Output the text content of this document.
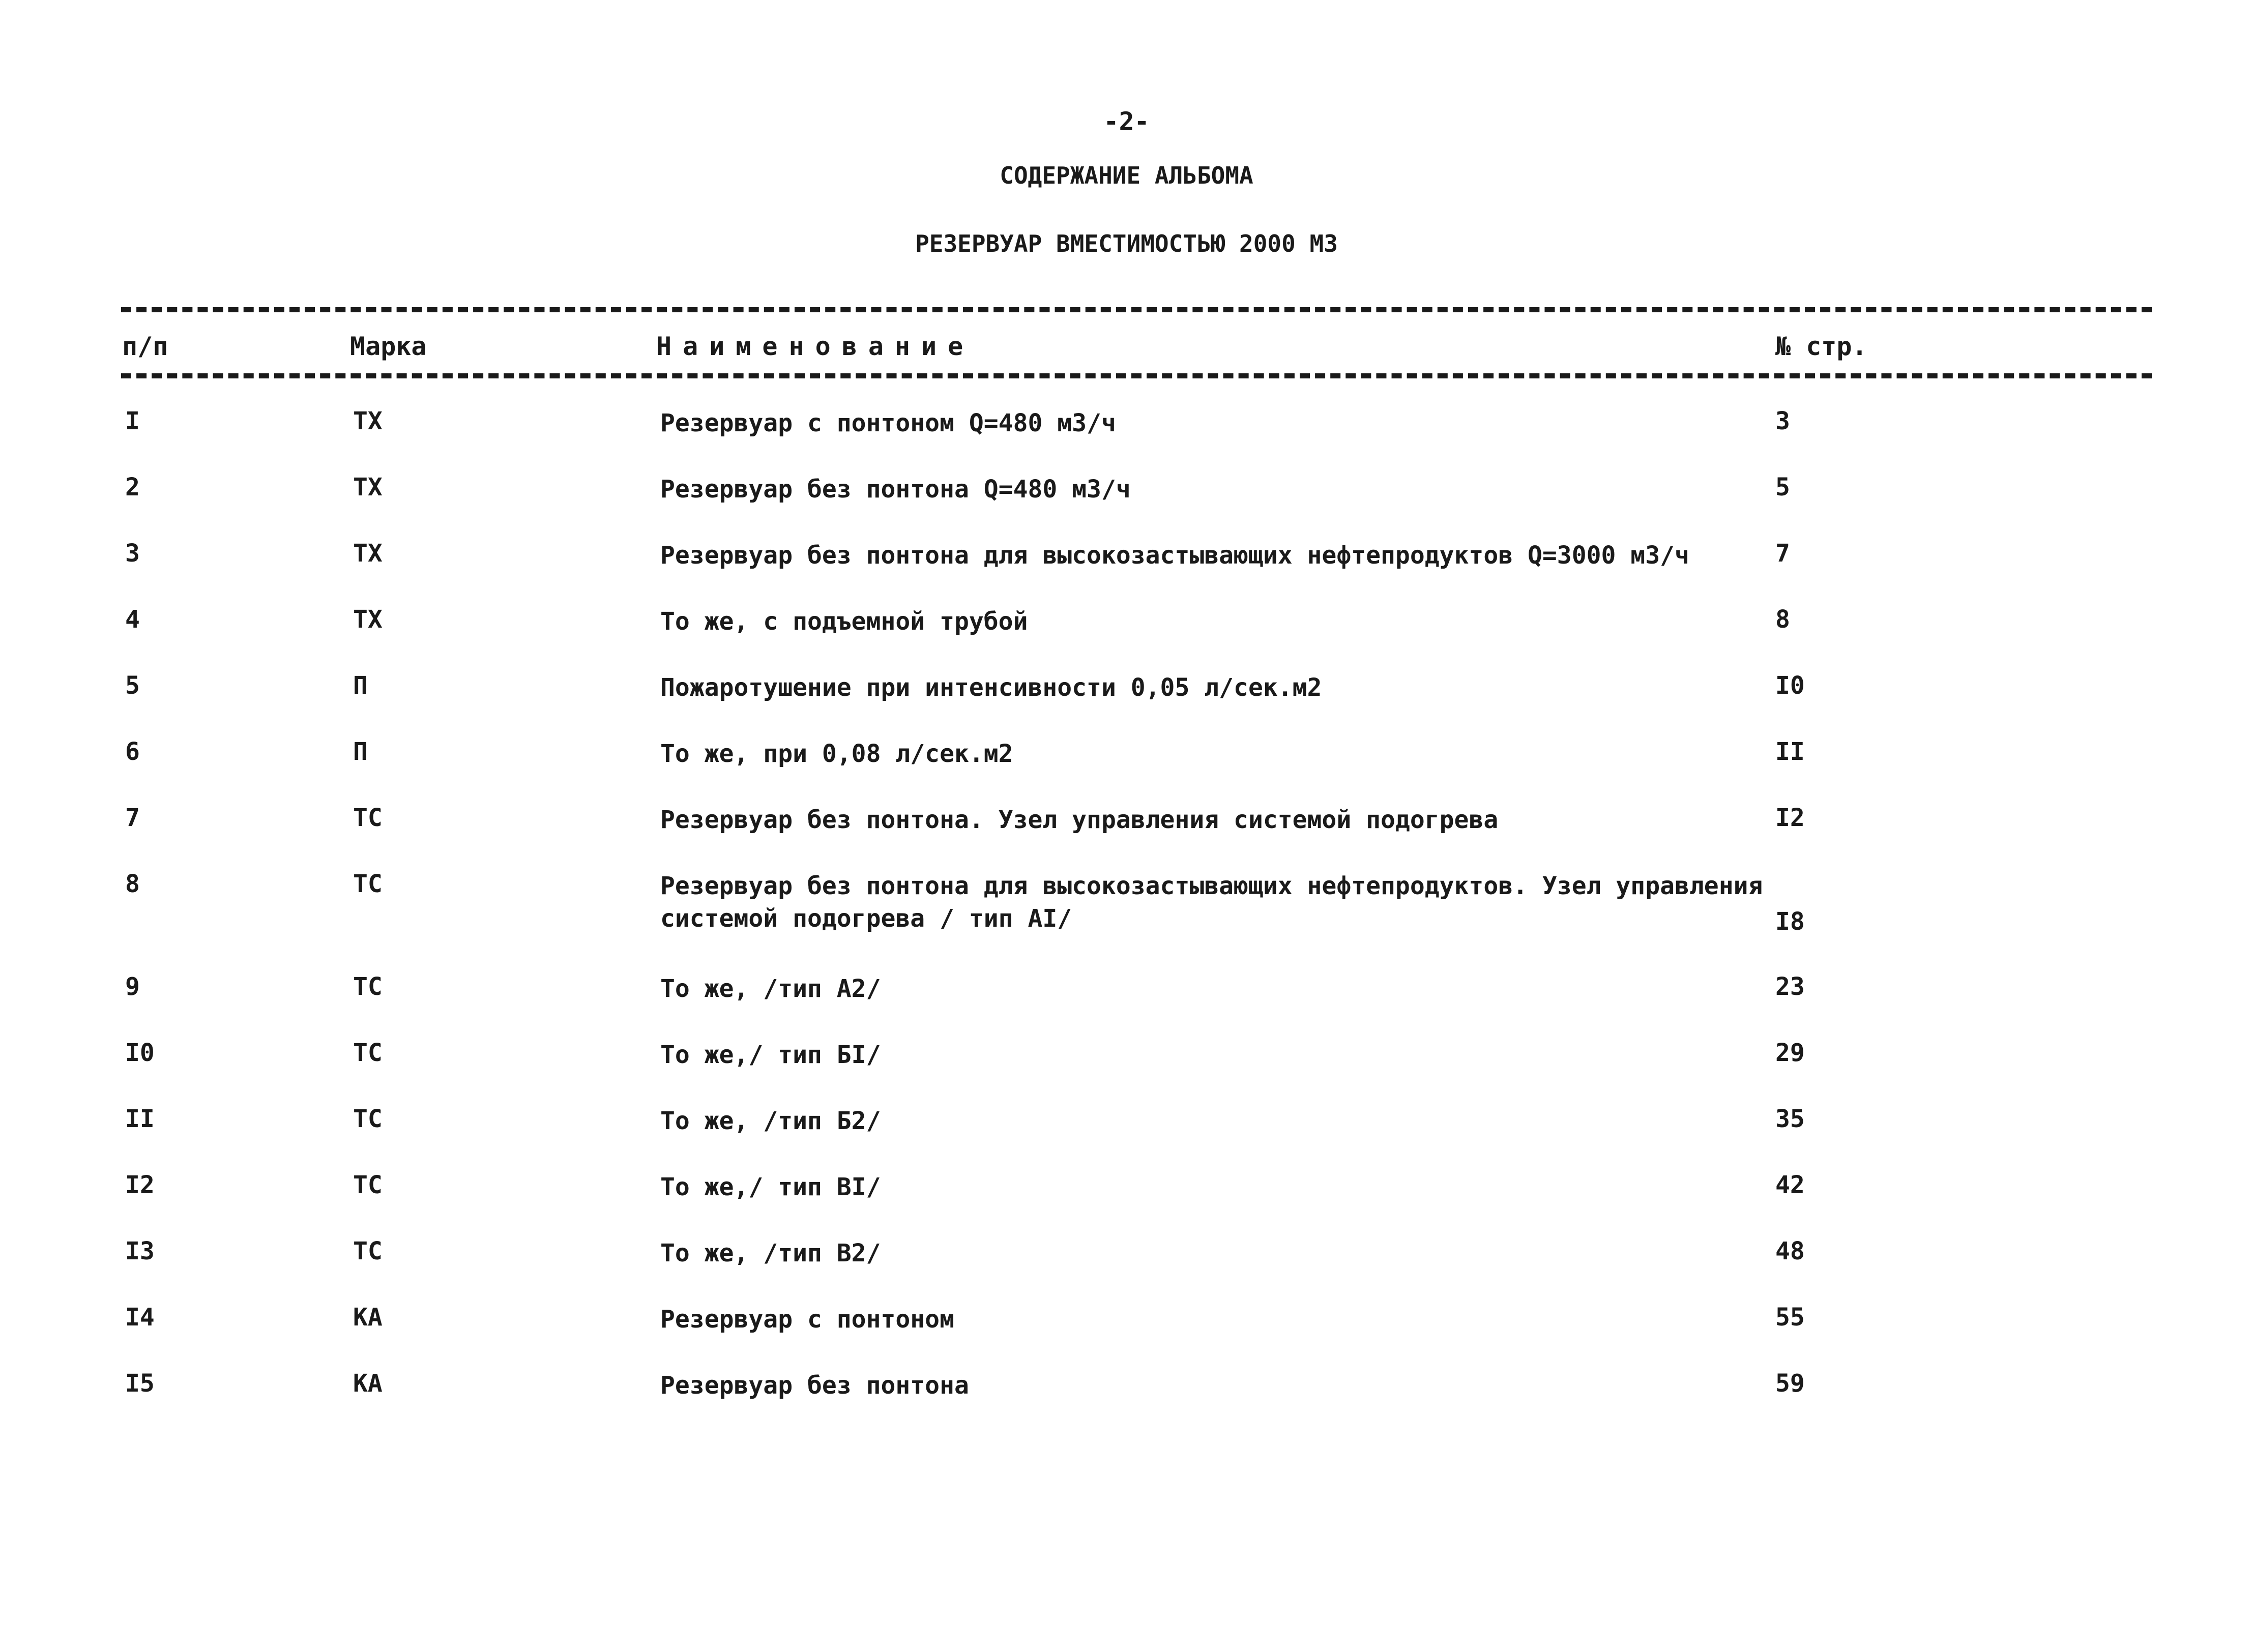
-2-
СОДЕРЖАНИЕ АЛЬБОМА
РЕЗЕРВУАР ВМЕСТИМОСТЬЮ 2000 М3
п/п	Марка	Наименование	№ стр.
I	ТХ	Резервуар с понтоном Q=480 м3/ч	3
2	ТХ	Резервуар без понтона Q=480 м3/ч	5
3	ТХ	Резервуар без понтона для высокозастывающих нефтепродуктов Q=3000 м3/ч	7
4	ТХ	То же, с подъемной трубой	8
5	П	Пожаротушение при интенсивности 0,05 л/сек.м2	I0
6	П	То же, при 0,08 л/сек.м2	II
7	ТС	Резервуар без понтона. Узел управления системой подогрева	I2
8	ТС	Резервуар без понтона для высокозастывающих нефтепродуктов. Узел управления
системой подогрева / тип АI/	I8
9	ТС	То же, /тип А2/	23
I0	ТС	То же,/ тип БI/	29
II	ТС	То же, /тип Б2/	35
I2	ТС	То же,/ тип ВI/	42
I3	ТС	То же, /тип В2/	48
I4	КА	Резервуар с понтоном	55
I5	КА	Резервуар без понтона	59
